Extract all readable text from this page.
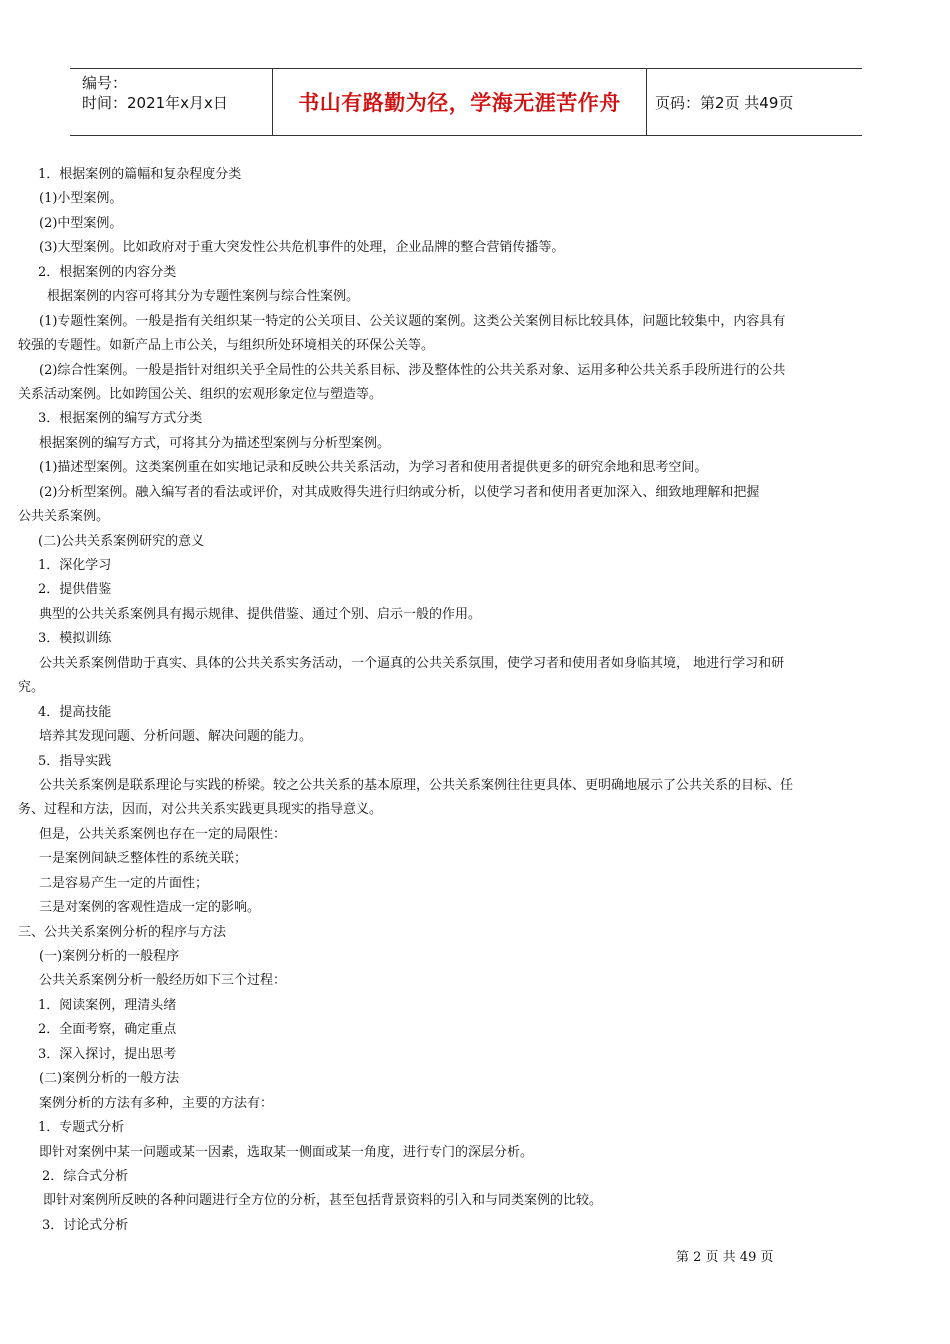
编号：
时间：2021年x月x日	书山有路勤为径，学海无涯苦作舟	页码：第2页 共49页
1．根据案例的篇幅和复杂程度分类
(1)小型案例。
(2)中型案例。
(3)大型案例。比如政府对于重大突发性公共危机事件的处理，企业品牌的整合营销传播等。
2．根据案例的内容分类
根据案例的内容可将其分为专题性案例与综合性案例。
(1)专题性案例。一般是指有关组织某一特定的公关项目、公关议题的案例。这类公关案例目标比较具体，问题比较集中，内容具有
较强的专题性。如新产品上市公关，与组织所处环境相关的环保公关等。
(2)综合性案例。一般是指针对组织关乎全局性的公共关系目标、涉及整体性的公共关系对象、运用多种公共关系手段所进行的公共
关系活动案例。比如跨国公关、组织的宏观形象定位与塑造等。
3．根据案例的编写方式分类
根据案例的编写方式，可将其分为描述型案例与分析型案例。
(1)描述型案例。这类案例重在如实地记录和反映公共关系活动，为学习者和使用者提供更多的研究余地和思考空间。
(2)分析型案例。融入编写者的看法或评价，对其成败得失进行归纳或分析，以使学习者和使用者更加深入、细致地理解和把握
公共关系案例。
(二)公共关系案例研究的意义
1．深化学习
2．提供借鉴
典型的公共关系案例具有揭示规律、提供借鉴、通过个别、启示一般的作用。
3．模拟训练
公共关系案例借助于真实、具体的公共关系实务活动，一个逼真的公共关系氛围，使学习者和使用者如身临其境， 地进行学习和研
究。
4．提高技能
培养其发现问题、分析问题、解决问题的能力。
5．指导实践
公共关系案例是联系理论与实践的桥梁。较之公共关系的基本原理，公共关系案例往往更具体、更明确地展示了公共关系的目标、任
务、过程和方法，因而，对公共关系实践更具现实的指导意义。
但是，公共关系案例也存在一定的局限性：
一是案例间缺乏整体性的系统关联；
二是容易产生一定的片面性；
三是对案例的客观性造成一定的影响。
三、公共关系案例分析的程序与方法
(一)案例分析的一般程序
公共关系案例分析一般经历如下三个过程：
1．阅读案例，理清头绪
2．全面考察，确定重点
3．深入探讨，提出思考
(二)案例分析的一般方法
案例分析的方法有多种，主要的方法有：
1．专题式分析
即针对案例中某一问题或某一因素，选取某一侧面或某一角度，进行专门的深层分析。
2．综合式分析
即针对案例所反映的各种问题进行全方位的分析，甚至包括背景资料的引入和与同类案例的比较。
3．讨论式分析
第 2 页 共 49 页
